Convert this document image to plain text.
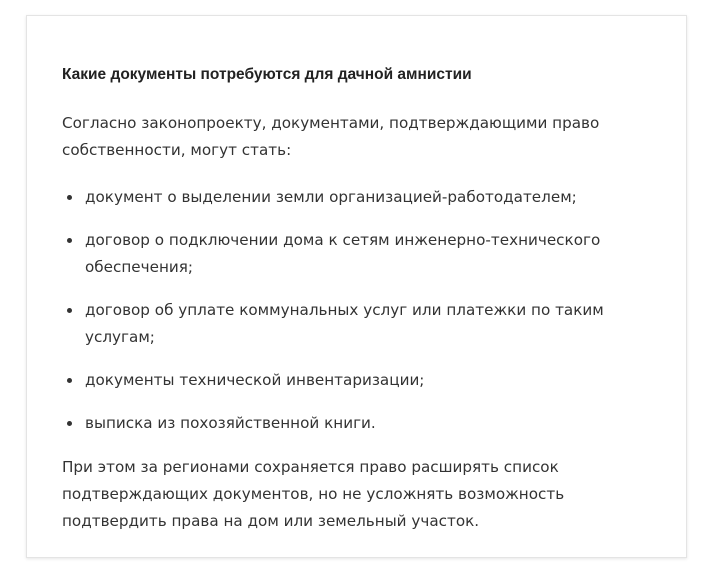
Какие документы потребуются для дачной амнистии

Согласно законопроекту, документами, подтверждающими право собственности, могут стать:

документ о выделении земли организацией-работодателем;
договор о подключении дома к сетям инженерно-технического обеспечения;
договор об уплате коммунальных услуг или платежки по таким услугам;
документы технической инвентаризации;
выписка из похозяйственной книги.

При этом за регионами сохраняется право расширять список подтверждающих документов, но не усложнять возможность подтвердить права на дом или земельный участок.
